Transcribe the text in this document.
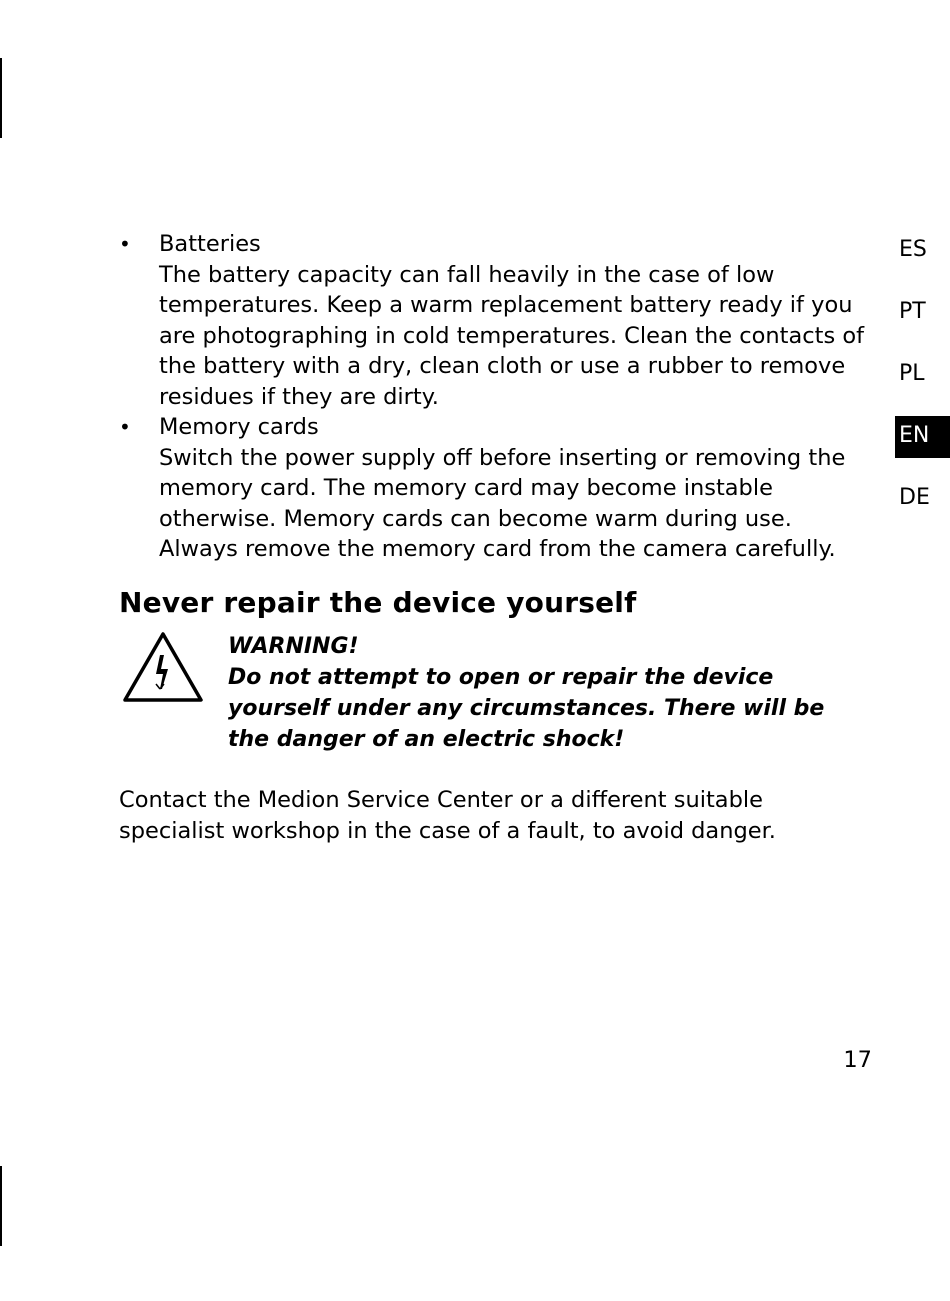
•
Batteries
The battery capacity can fall heavily in the case of low temperatures. Keep a warm replacement battery ready if you are photographing in cold temperatures. Clean the contacts of the battery with a dry, clean cloth or use a rubber to remove residues if they are dirty.
•
Memory cards
Switch the power supply off before inserting or removing the memory card. The memory card may become instable otherwise. Memory cards can become warm during use. Always remove the memory card from the camera carefully.
Never repair the device yourself
WARNING!
Do not attempt to open or repair the device yourself under any circumstances. There will be the danger of an electric shock!

Contact the Medion Service Center or a different suitable specialist workshop in the case of a fault, to avoid danger.

ES
PT
PL
EN
DE
17
